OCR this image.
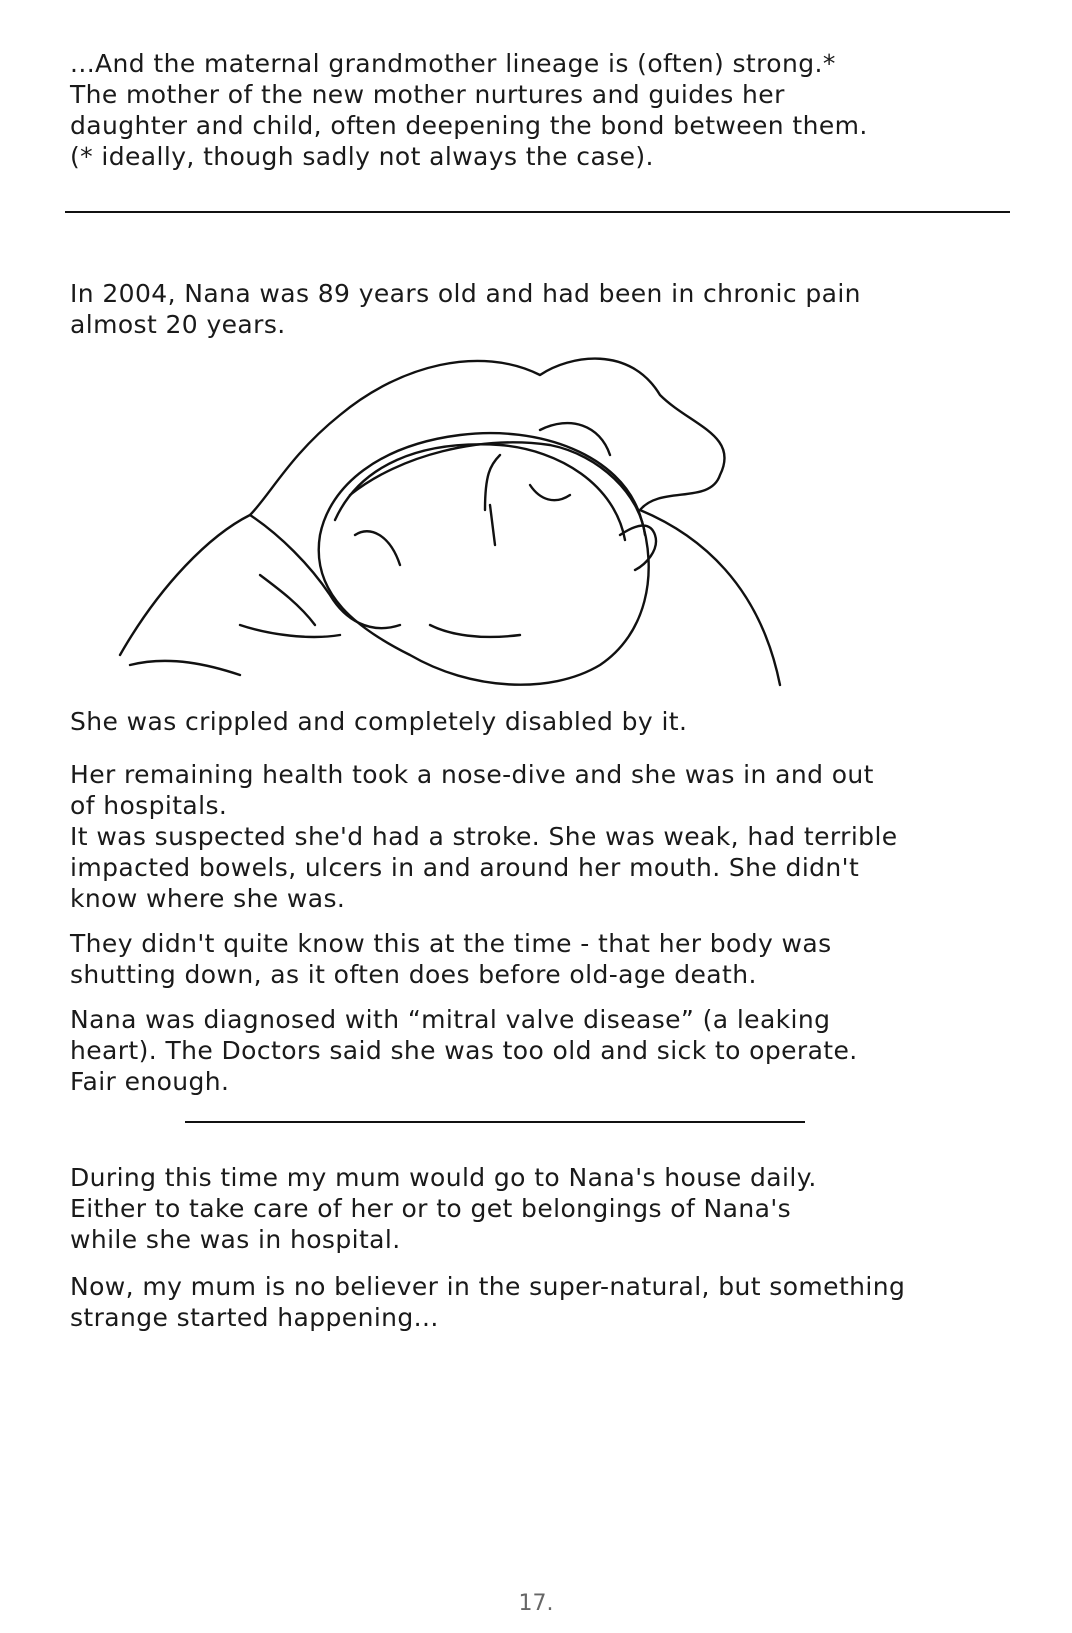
...And the maternal grandmother lineage is (often) strong.*
The mother of the new mother nurtures and guides her
daughter and child, often deepening the bond between them.
(* ideally, though sadly not always the case).
In 2004, Nana was 89 years old and had been in chronic pain
almost 20 years.
She was crippled and completely disabled by it.
Her remaining health took a nose-dive and she was in and out
of hospitals.
It was suspected she'd had a stroke. She was weak, had terrible
impacted bowels, ulcers in and around her mouth. She didn't
know where she was.
They didn't quite know this at the time - that her body was
shutting down, as it often does before old-age death.
Nana was diagnosed with “mitral valve disease” (a leaking
heart). The Doctors said she was too old and sick to operate.
Fair enough.
During this time my mum would go to Nana's house daily.
Either to take care of her or to get belongings of Nana's
while she was in hospital.
Now, my mum is no believer in the super-natural, but something
strange started happening...
17.
